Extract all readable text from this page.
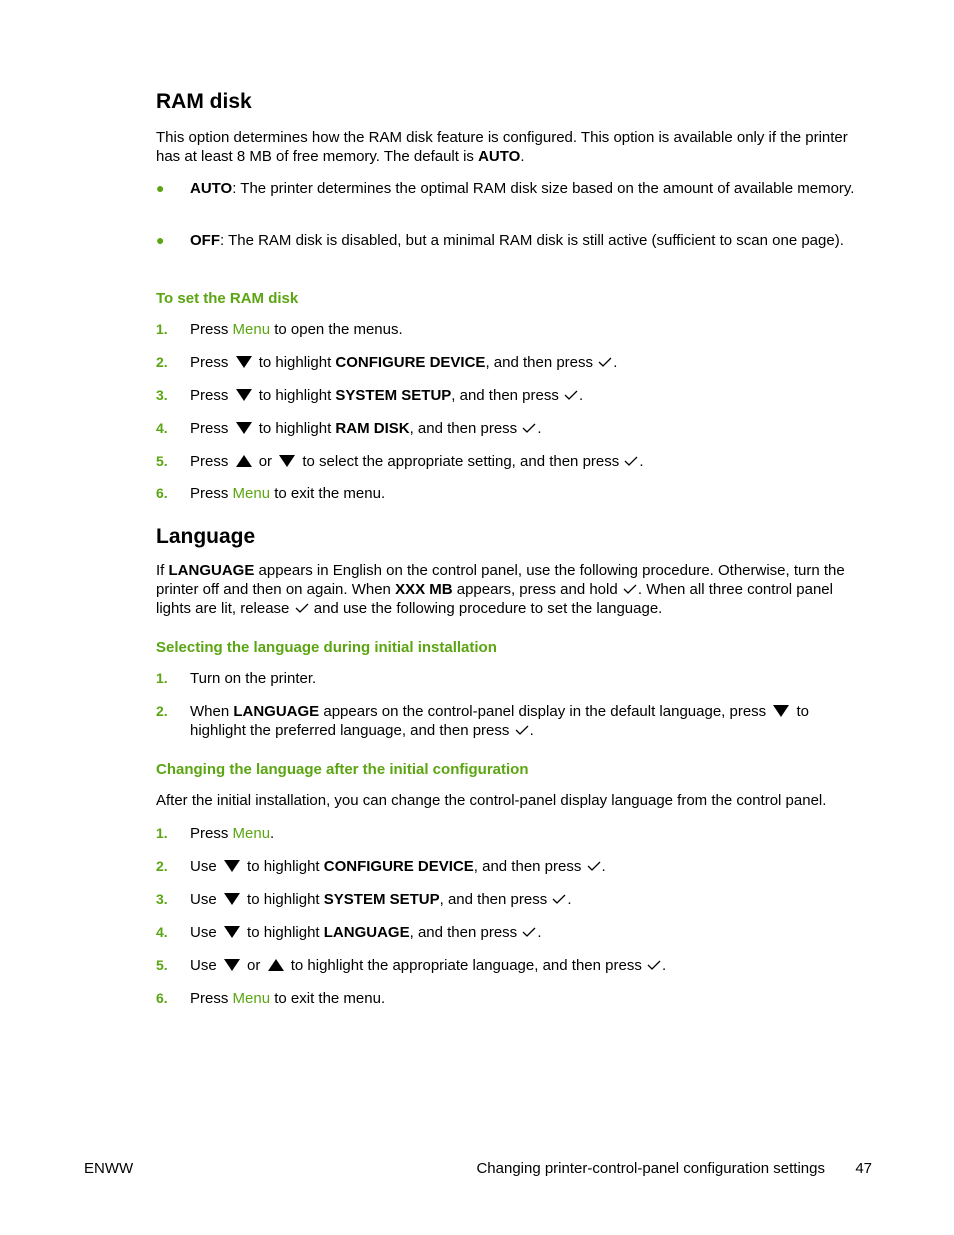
RAM disk

This option determines how the RAM disk feature is configured. This option is available only if the printer has at least 8 MB of free memory. The default is AUTO.

● AUTO: The printer determines the optimal RAM disk size based on the amount of available memory.
● OFF: The RAM disk is disabled, but a minimal RAM disk is still active (sufficient to scan one page).
To set the RAM disk
1. Press Menu to open the menus.
2. Press to highlight CONFIGURE DEVICE, and then press .
3. Press to highlight SYSTEM SETUP, and then press .
4. Press to highlight RAM DISK, and then press .
5. Press or to select the appropriate setting, and then press .
6. Press Menu to exit the menu.
Language

If LANGUAGE appears in English on the control panel, use the following procedure. Otherwise, turn the printer off and then on again. When XXX MB appears, press and hold . When all three control panel lights are lit, release and use the following procedure to set the language.

Selecting the language during initial installation
1. Turn on the printer.
2. When LANGUAGE appears on the control-panel display in the default language, press to highlight the preferred language, and then press .
Changing the language after the initial configuration

After the initial installation, you can change the control-panel display language from the control panel.

1. Press Menu.
2. Use to highlight CONFIGURE DEVICE, and then press .
3. Use to highlight SYSTEM SETUP, and then press .
4. Use to highlight LANGUAGE, and then press .
5. Use or to highlight the appropriate language, and then press .
6. Press Menu to exit the menu.
ENWW	Changing printer-control-panel configuration settings 47
